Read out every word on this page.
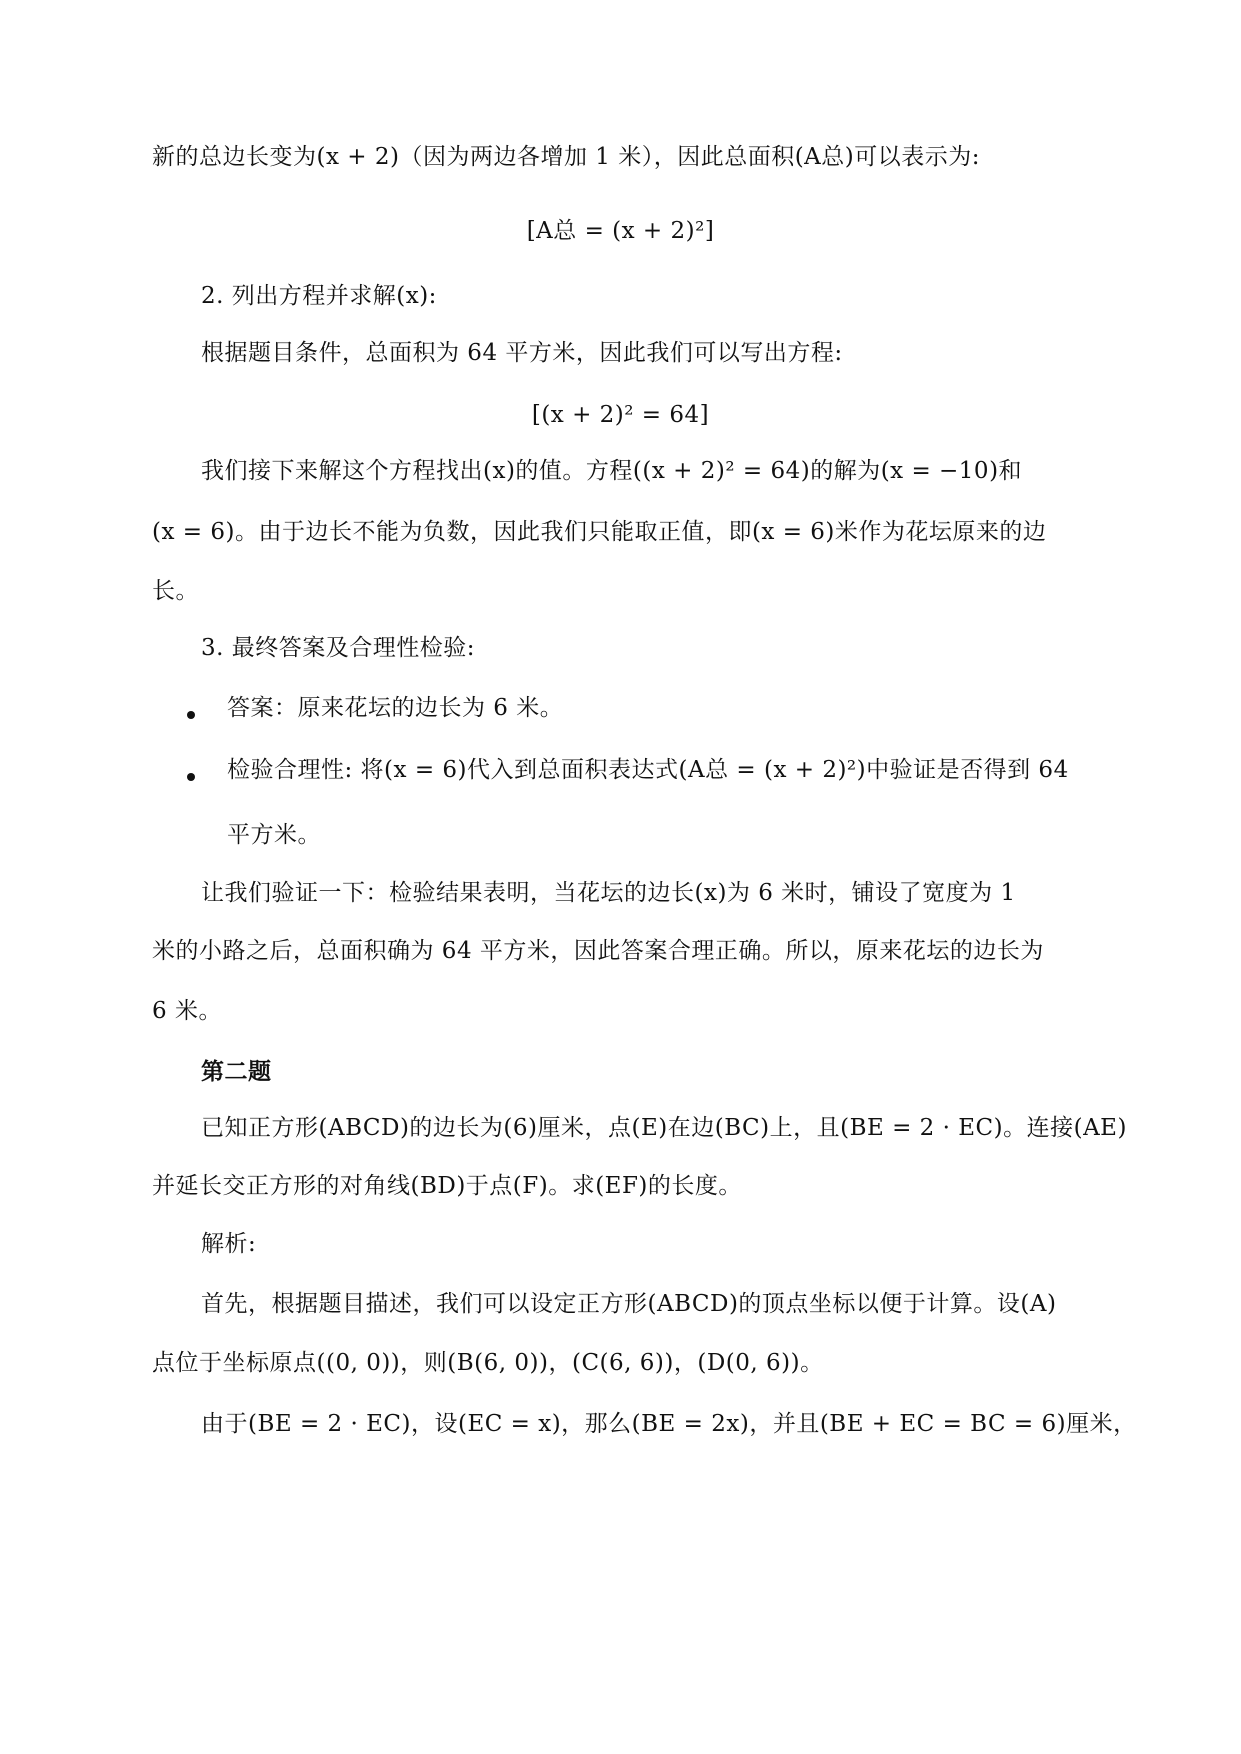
新的总边长变为(x + 2)（因为两边各增加 1 米），因此总面积(A总)可以表示为:
[A总 = (x + 2)²]
2. 列出方程并求解(x):
根据题目条件，总面积为 64 平方米，因此我们可以写出方程:
[(x + 2)² = 64]
我们接下来解这个方程找出(x)的值。方程((x + 2)² = 64)的解为(x = −10)和
(x = 6)。由于边长不能为负数，因此我们只能取正值，即(x = 6)米作为花坛原来的边
长。
3. 最终答案及合理性检验:
答案：原来花坛的边长为 6 米。
检验合理性: 将(x = 6)代入到总面积表达式(A总 = (x + 2)²)中验证是否得到 64
平方米。
让我们验证一下：检验结果表明，当花坛的边长(x)为 6 米时，铺设了宽度为 1
米的小路之后，总面积确为 64 平方米，因此答案合理正确。所以，原来花坛的边长为
6 米。
第二题
已知正方形(ABCD)的边长为(6)厘米，点(E)在边(BC)上，且(BE = 2 · EC)。连接(AE)
并延长交正方形的对角线(BD)于点(F)。求(EF)的长度。
解析:
首先，根据题目描述，我们可以设定正方形(ABCD)的顶点坐标以便于计算。设(A)
点位于坐标原点((0, 0))，则(B(6, 0))，(C(6, 6))，(D(0, 6))。
由于(BE = 2 · EC)，设(EC = x)，那么(BE = 2x)，并且(BE + EC = BC = 6)厘米，
